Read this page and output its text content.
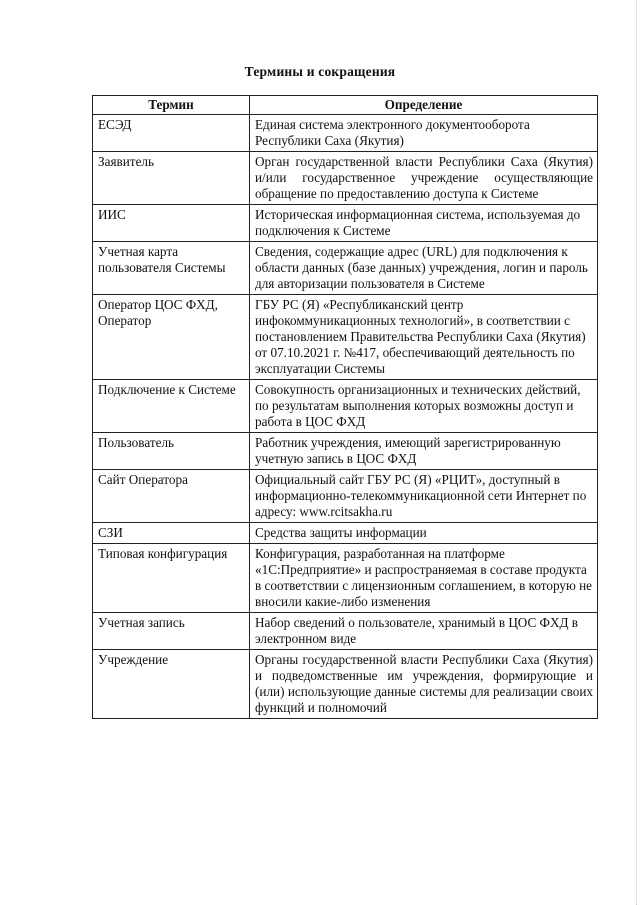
Термины и сокращения
Термин	Определение
ЕСЭД	Единая система электронного документооборота Республики Саха (Якутия)
Заявитель	Орган государственной власти Республики Саха (Якутия) и/или государственное учреждение осуществляющие обращение по предоставлению доступа к Системе
ИИС	Историческая информационная система, используемая до подключения к Системе
Учетная карта пользователя Системы	Сведения, содержащие адрес (URL) для подключения к области данных (базе данных) учреждения, логин и пароль для авторизации пользователя в Системе
Оператор ЦОС ФХД, Оператор	ГБУ РС (Я) «Республиканский центр инфокоммуникационных технологий», в соответствии с постановлением Правительства Республики Саха (Якутия) от 07.10.2021 г. №417, обеспечивающий деятельность по эксплуатации Системы
Подключение к Системе	Совокупность организационных и технических действий, по результатам выполнения которых возможны доступ и работа в ЦОС ФХД
Пользователь	Работник учреждения, имеющий зарегистрированную учетную запись в ЦОС ФХД
Сайт Оператора	Официальный сайт ГБУ РС (Я) «РЦИТ», доступный в информационно-телекоммуникационной сети Интернет по адресу: www.rcitsakha.ru
СЗИ	Средства защиты информации
Типовая конфигурация	Конфигурация, разработанная на платформе «1С:Предприятие» и распространяемая в составе продукта в соответствии с лицензионным соглашением, в которую не вносили какие-либо изменения
Учетная запись	Набор сведений о пользователе, хранимый в ЦОС ФХД в электронном виде
Учреждение	Органы государственной власти Республики Саха (Якутия) и подведомственные им учреждения, формирующие и (или) использующие данные системы для реализации своих функций и полномочий
